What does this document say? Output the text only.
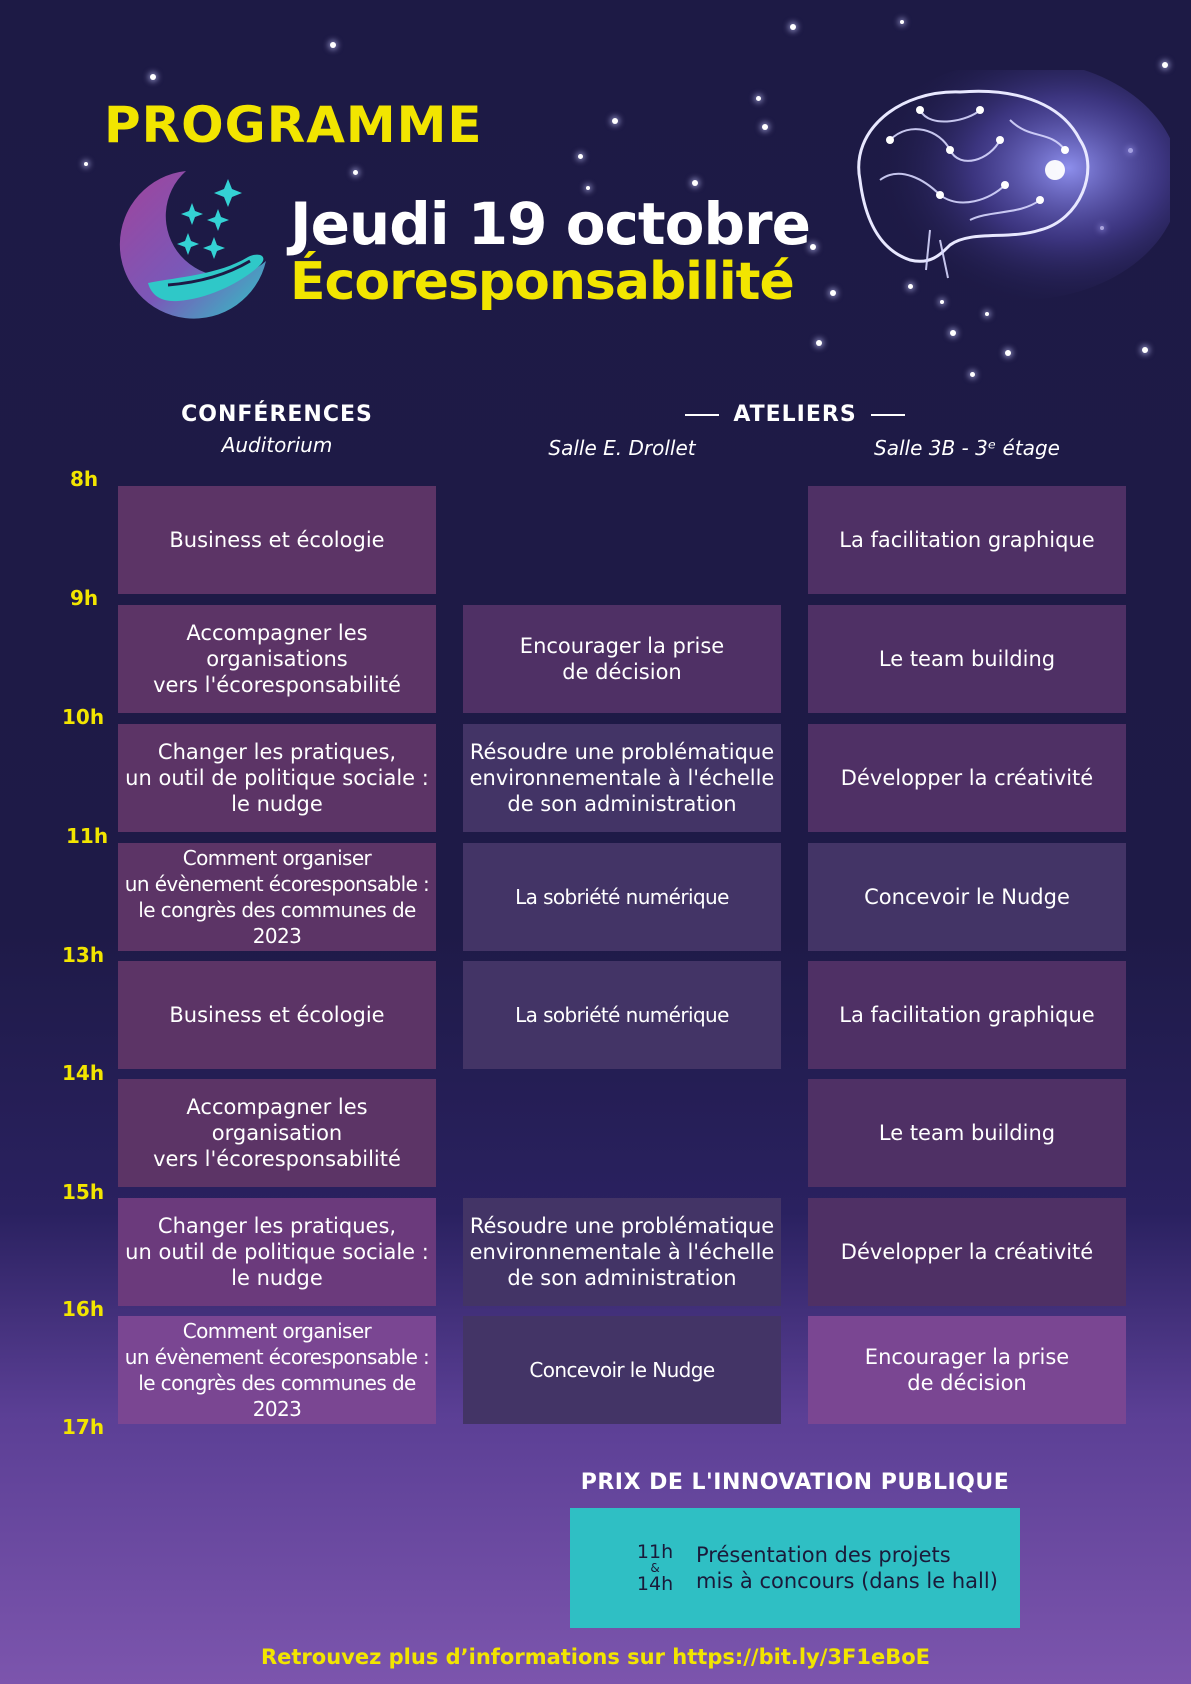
PROGRAMME
Jeudi 19 octobre
Écoresponsabilité
CONFÉRENCES
Auditorium
ATELIERS
Salle E. Drollet	Salle 3B - 3ᵉ étage
8h
9h
10h
11h
13h
14h
15h
16h
17h
Business et écologie
Accompagner les organisations
vers l'écoresponsabilité
Changer les pratiques,
un outil de politique sociale :
le nudge
Comment organiser
un évènement écoresponsable :
le congrès des communes de 2023
Business et écologie
Accompagner les organisation
vers l'écoresponsabilité
Changer les pratiques,
un outil de politique sociale :
le nudge
Comment organiser
un évènement écoresponsable :
le congrès des communes de 2023
Encourager la prise
de décision
Résoudre une problématique
environnementale à l'échelle
de son administration
La sobriété numérique
La sobriété numérique
Résoudre une problématique
environnementale à l'échelle
de son administration
Concevoir le Nudge
La facilitation graphique
Le team building
Développer la créativité
Concevoir le Nudge
La facilitation graphique
Le team building
Développer la créativité
Encourager la prise
de décision
PRIX DE L'INNOVATION PUBLIQUE
11h
&
14h
Présentation des projets
mis à concours (dans le hall)

Retrouvez plus d’informations sur https://bit.ly/3F1eBoE
